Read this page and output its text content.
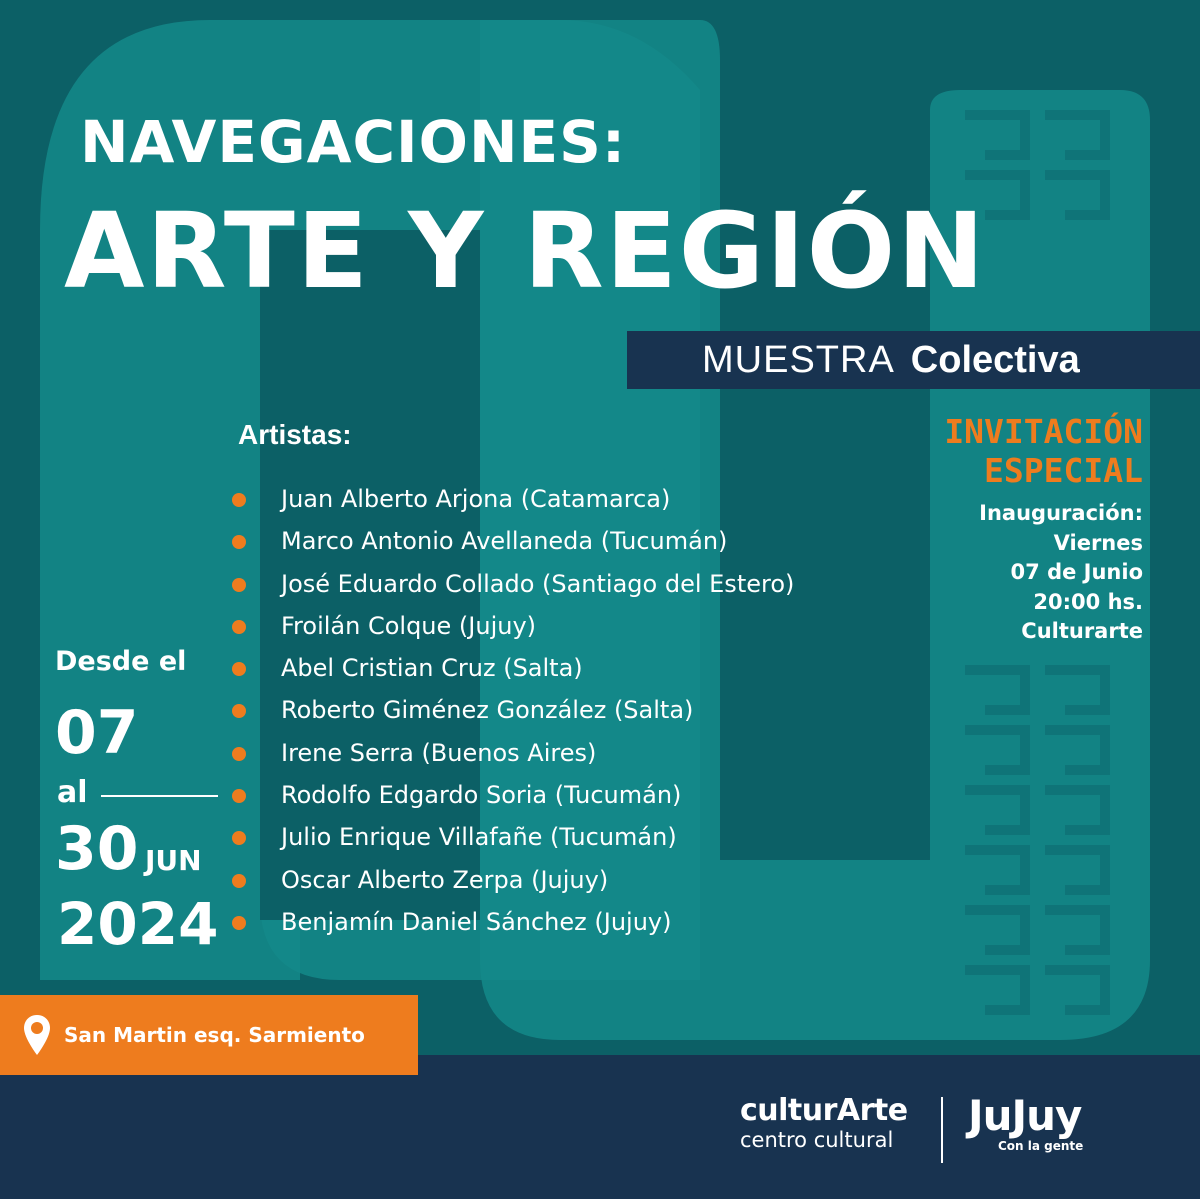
NAVEGACIONES:
ARTE Y REGIÓN
MUESTRA Colectiva
Artistas:
Juan Alberto Arjona (Catamarca)
Marco Antonio Avellaneda (Tucumán)
José Eduardo Collado (Santiago del Estero)
Froilán Colque (Jujuy)
Abel Cristian Cruz (Salta)
Roberto Giménez González (Salta)
Irene Serra (Buenos Aires)
Rodolfo Edgardo Soria (Tucumán)
Julio Enrique Villafañe (Tucumán)
Oscar Alberto Zerpa (Jujuy)
Benjamín Daniel Sánchez (Jujuy)
Desde el
07
al
30 JUN
2024
INVITACIÓN
ESPECIAL
Inauguración:
Viernes
07 de Junio
20:00 hs.
Culturarte
San Martin esq. Sarmiento
culturArte
centro cultural	JuJuy
Con la gente
